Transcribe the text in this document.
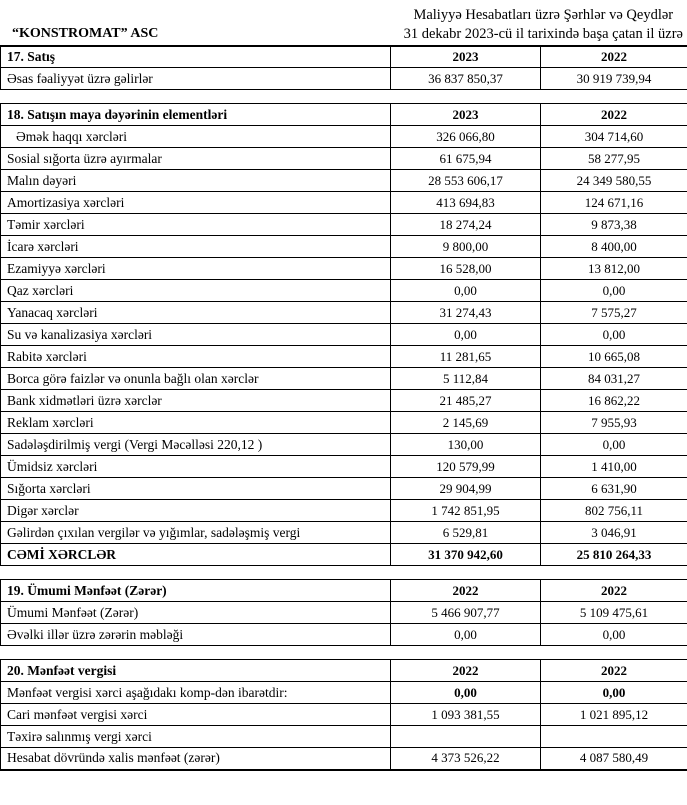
“KONSTROMAT” ASC
Maliyyə Hesabatları üzrə Şərhlər və Qeydlər
31 dekabr 2023-cü il tarixində başa çatan il üzrə
17. Satış	2023	2022
Əsas fəaliyyət üzrə gəlirlər	36 837 850,37	30 919 739,94
18. Satışın maya dəyərinin elementləri	2023	2022
Əmək haqqı xərcləri	326 066,80	304 714,60
Sosial sığorta üzrə ayırmalar	61 675,94	58 277,95
Malın dəyəri	28 553 606,17	24 349 580,55
Amortizasiya xərcləri	413 694,83	124 671,16
Təmir xərcləri	18 274,24	9 873,38
İcarə xərcləri	9 800,00	8 400,00
Ezamiyyə xərcləri	16 528,00	13 812,00
Qaz xərcləri	0,00	0,00
Yanacaq xərcləri	31 274,43	7 575,27
Su və kanalizasiya xərcləri	0,00	0,00
Rabitə xərcləri	11 281,65	10 665,08
Borca görə faizlər və onunla bağlı olan xərclər	5 112,84	84 031,27
Bank xidmətləri üzrə xərclər	21 485,27	16 862,22
Reklam xərcləri	2 145,69	7 955,93
Sadələşdirilmiş vergi (Vergi Məcəlləsi 220,12 )	130,00	0,00
Ümidsiz xərcləri	120 579,99	1 410,00
Sığorta xərcləri	29 904,99	6 631,90
Digər xərclər	1 742 851,95	802 756,11
Gəlirdən çıxılan vergilər və yığımlar, sadələşmiş vergi	6 529,81	3 046,91
CƏMİ XƏRCLƏR	31 370 942,60	25 810 264,33
19. Ümumi Mənfəət (Zərər)	2022	2022
Ümumi Mənfəət (Zərər)	5 466 907,77	5 109 475,61
Əvəlki illər üzrə zərərin məbləği	0,00	0,00
20. Mənfəət vergisi	2022	2022
Mənfəət vergisi xərci aşağıdakı komp-dən ibarətdir:	0,00	0,00
Cari mənfəət vergisi xərci	1 093 381,55	1 021 895,12
Təxirə salınmış vergi xərci		
Hesabat dövründə xalis mənfəət (zərər)	4 373 526,22	4 087 580,49
